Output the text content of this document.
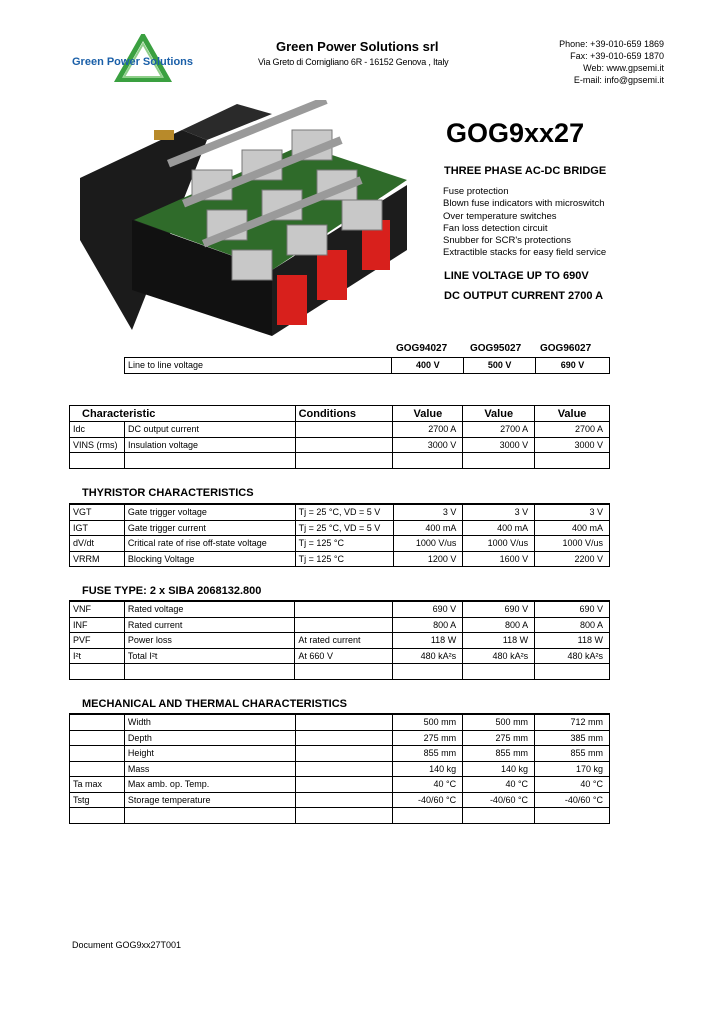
Green Power Solutions
Green Power Solutions srl
Via Greto di Cornigliano 6R - 16152 Genova , Italy
Phone: +39-010-659 1869
Fax: +39-010-659 1870
Web: www.gpsemi.it
E-mail: info@gpsemi.it
GOG9xx27
THREE PHASE AC-DC BRIDGE
Fuse protection
Blown fuse indicators with microswitch
Over temperature switches
Fan loss detection circuit
Snubber for SCR's protections
Extractible stacks for easy field service
LINE VOLTAGE UP TO 690V
DC OUTPUT CURRENT 2700 A
GOG94027 GOG95027 GOG96027
Line to line voltage	400 V	500 V	690 V
Characteristic		Conditions	Value	Value	Value
Idc	DC output current		2700 A	2700 A	2700 A
VINS (rms)	Insulation voltage		3000 V	3000 V	3000 V

THYRISTOR CHARACTERISTICS
VGT	Gate trigger voltage	Tj = 25 °C, VD = 5 V	3 V	3 V	3 V
IGT	Gate trigger current	Tj = 25 °C, VD = 5 V	400 mA	400 mA	400 mA
dV/dt	Critical rate of rise off-state voltage	Tj = 125 °C	1000 V/us	1000 V/us	1000 V/us
VRRM	Blocking Voltage	Tj = 125 °C	1200 V	1600 V	2200 V
FUSE TYPE: 2 x SIBA 2068132.800
VNF	Rated voltage		690 V	690 V	690 V
INF	Rated current		800 A	800 A	800 A
PVF	Power loss	At rated current	118 W	118 W	118 W
I²t	Total I²t	At 660 V	480 kA²s	480 kA²s	480 kA²s

MECHANICAL AND THERMAL CHARACTERISTICS
	Width		500 mm	500 mm	712 mm
	Depth		275 mm	275 mm	385 mm
	Height		855 mm	855 mm	855 mm
	Mass		140 kg	140 kg	170 kg
Ta max	Max amb. op. Temp.		40 °C	40 °C	40 °C
Tstg	Storage temperature		-40/60 °C	-40/60 °C	-40/60 °C

Document GOG9xx27T001
